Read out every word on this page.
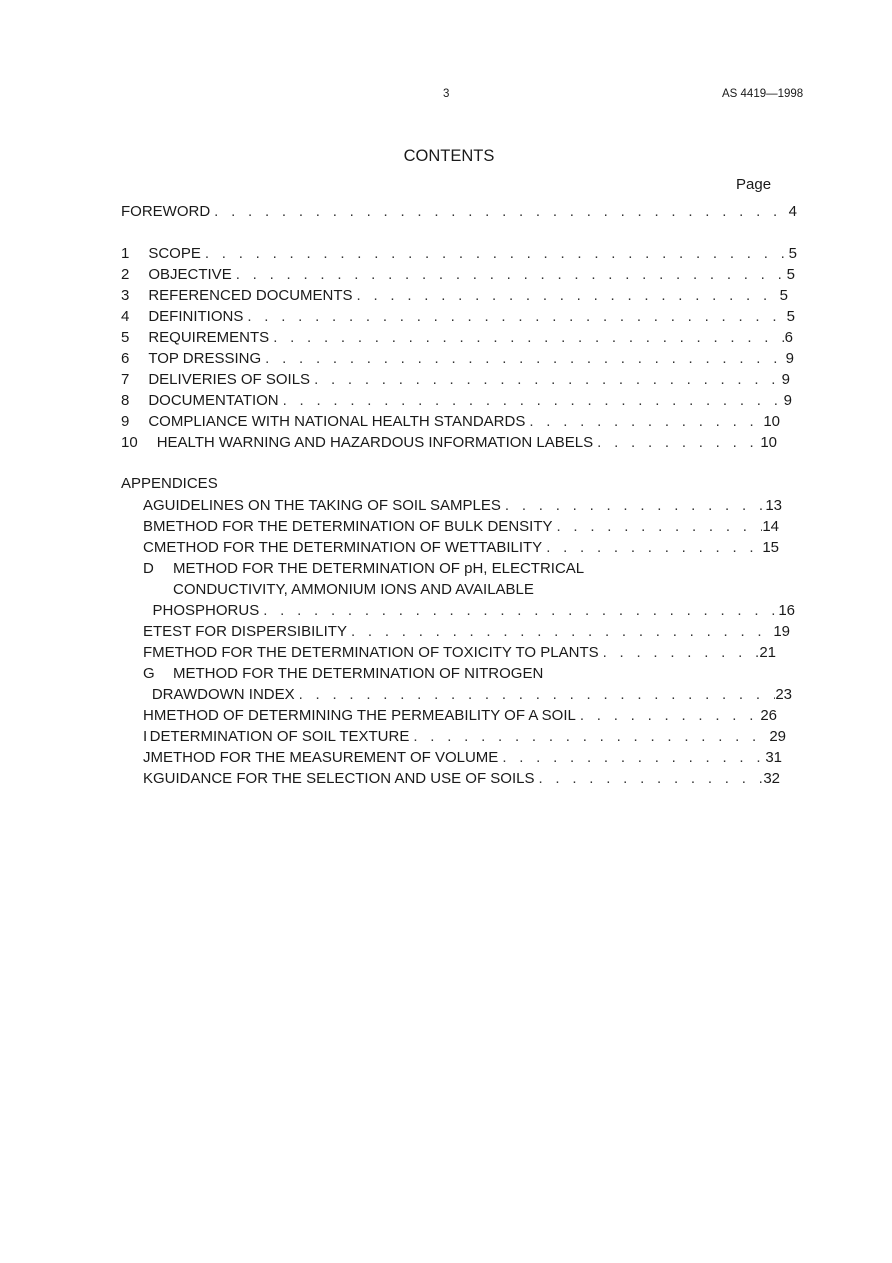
3	AS 4419—1998
CONTENTS
Page
FOREWORD . . .	4
1 SCOPE . . .	5
2 OBJECTIVE . . .	5
3 REFERENCED DOCUMENTS . . .	5
4 DEFINITIONS . . .	5
5 REQUIREMENTS . . .	6
6 TOP DRESSING . . .	9
7 DELIVERIES OF SOILS . . .	9
8 DOCUMENTATION . . .	9
9 COMPLIANCE WITH NATIONAL HEALTH STANDARDS . . .	10
10 HEALTH WARNING AND HAZARDOUS INFORMATION LABELS . . .	10
APPENDICES
A GUIDELINES ON THE TAKING OF SOIL SAMPLES . . .	13
B METHOD FOR THE DETERMINATION OF BULK DENSITY . . .	14
C METHOD FOR THE DETERMINATION OF WETTABILITY . . .	15
D	METHOD FOR THE DETERMINATION OF pH, ELECTRICAL
CONDUCTIVITY, AMMONIUM IONS AND AVAILABLE
PHOSPHORUS . . .	16
E TEST FOR DISPERSIBILITY . . .	19
F METHOD FOR THE DETERMINATION OF TOXICITY TO PLANTS . . .	21
G	METHOD FOR THE DETERMINATION OF NITROGEN
DRAWDOWN INDEX . . .	23
H METHOD OF DETERMINING THE PERMEABILITY OF A SOIL . . .	26
I DETERMINATION OF SOIL TEXTURE . . .	29
J METHOD FOR THE MEASUREMENT OF VOLUME . . .	31
K GUIDANCE FOR THE SELECTION AND USE OF SOILS . . .	32
